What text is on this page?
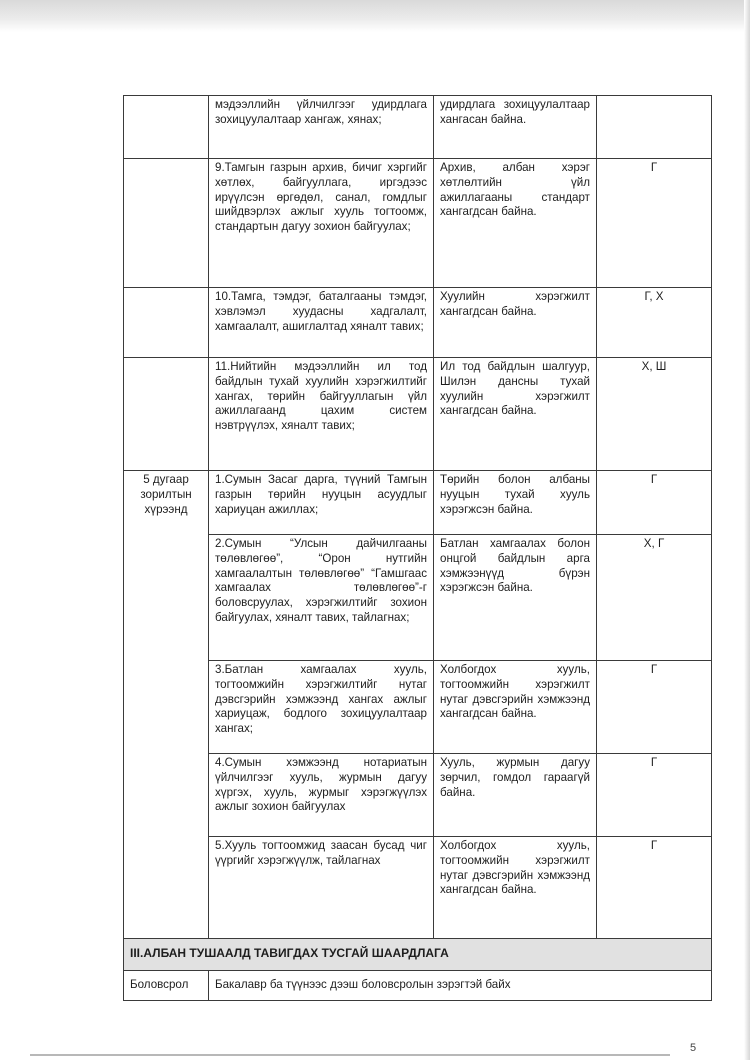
	мэдээллийн үйлчилгээг удирдлага зохицуулалтаар хангаж, хянах;	удирдлага зохицуулалтаар хангасан байна.	
	9.Тамгын газрын архив, бичиг хэргийг хөтлөх, байгууллага, иргэдээс ирүүлсэн өргөдөл, санал, гомдлыг шийдвэрлэх ажлыг хууль тогтоомж, стандартын дагуу зохион байгуулах;	Архив, албан хэрэг хөтлөлтийн үйл ажиллагааны стандарт хангагдсан байна.	Г
	10.Тамга, тэмдэг, баталгааны тэмдэг, хэвлэмэл хуудасны хадгалалт, хамгаалалт, ашиглалтад хяналт тавих;	Хуулийн хэрэгжилт хангагдсан байна.	Г, Х
	11.Нийтийн мэдээллийн ил тод байдлын тухай хуулийн хэрэгжилтийг хангах, төрийн байгууллагын үйл ажиллагаанд цахим систем нэвтрүүлэх, хяналт тавих;	Ил тод байдлын шалгуур, Шилэн дансны тухай хуулийн хэрэгжилт хангагдсан байна.	Х, Ш
5 дугаар зорилтын хүрээнд	1.Сумын Засаг дарга, түүний Тамгын газрын төрийн нууцын асуудлыг хариуцан ажиллах;	Төрийн болон албаны нууцын тухай хууль хэрэгжсэн байна.	Г
	2.Сумын “Улсын дайчилгааны төлөвлөгөө”, “Орон нутгийн хамгаалалтын төлөвлөгөө” “Гамшгаас хамгаалах төлөвлөгөө”-г боловсруулах, хэрэгжилтийг зохион байгуулах, хяналт тавих, тайлагнах;	Батлан хамгаалах болон онцгой байдлын арга хэмжээнүүд бүрэн хэрэгжсэн байна.	Х, Г
	3.Батлан хамгаалах хууль, тогтоомжийн хэрэгжилтийг нутаг дэвсгэрийн хэмжээнд хангах ажлыг хариуцаж, бодлого зохицуулалтаар хангах;	Холбогдох хууль, тогтоомжийн хэрэгжилт нутаг дэвсгэрийн хэмжээнд хангагдсан байна.	Г
	4.Сумын хэмжээнд нотариатын үйлчилгээг хууль, журмын дагуу хүргэх, хууль, журмыг хэрэгжүүлэх ажлыг зохион байгуулах	Хууль, журмын дагуу зөрчил, гомдол гараагүй байна.	Г
	5.Хууль тогтоомжид заасан бусад чиг үүргийг хэрэгжүүлж, тайлагнах	Холбогдох хууль, тогтоомжийн хэрэгжилт нутаг дэвсгэрийн хэмжээнд хангагдсан байна.	Г
III.АЛБАН ТУШААЛД ТАВИГДАХ ТУСГАЙ ШААРДЛАГА			
Боловсрол	Бакалавр ба түүнээс дээш боловсролын зэрэгтэй байх		
5
